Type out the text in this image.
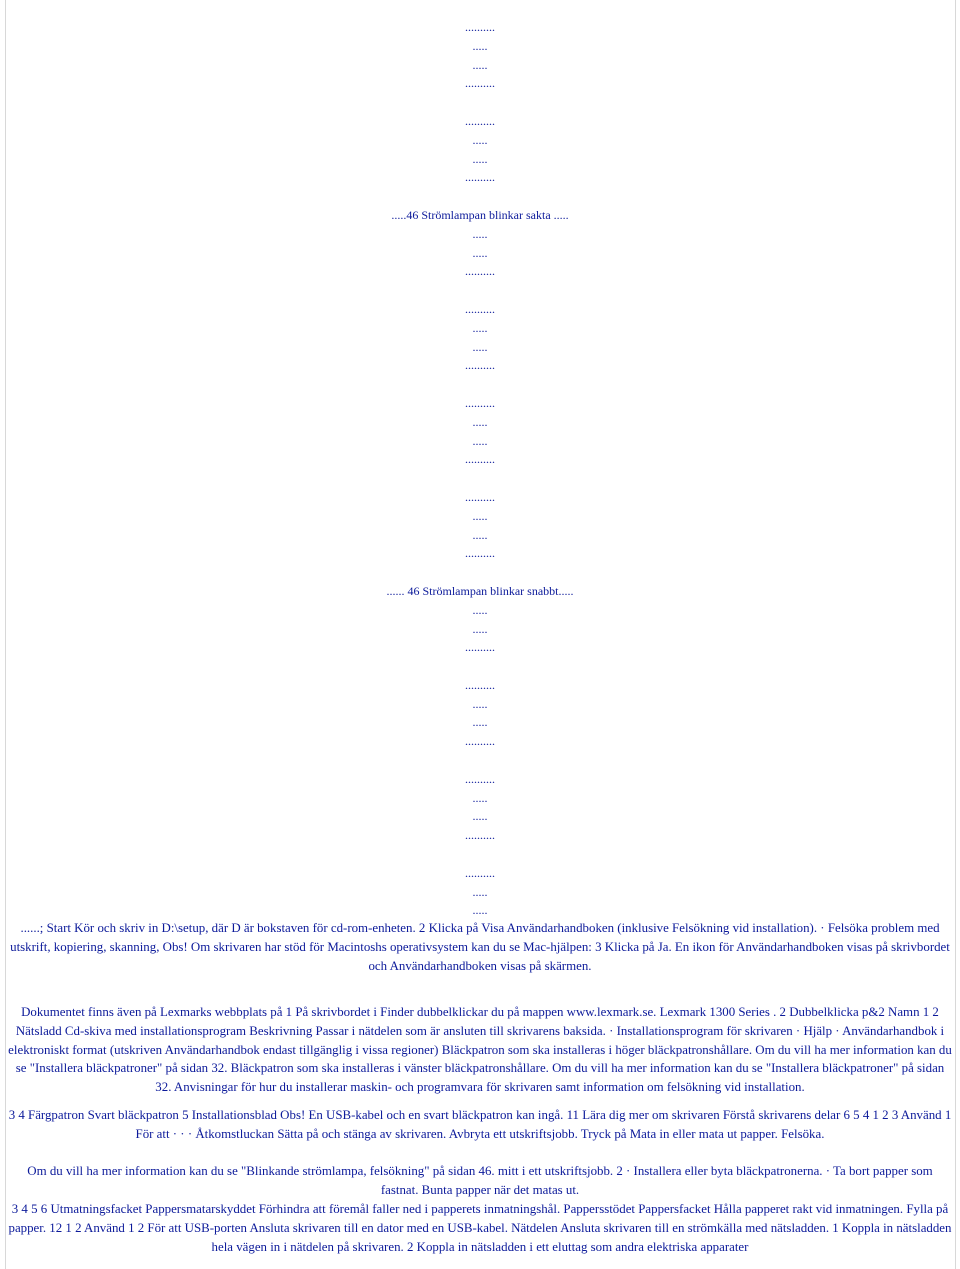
..........
.....
.....
..........
..........
.....
.....
..........
.....46 Strömlampan blinkar sakta .....
.....
.....
..........
..........
.....
.....
..........
..........
.....
.....
..........
..........
.....
.....
..........
...... 46 Strömlampan blinkar snabbt.....
.....
.....
..........
..........
.....
.....
..........
..........
.....
.....
..........
..........
.....
.....
......; Start Kör och skriv in D:\setup, där D är bokstaven för cd-rom-enheten. 2 Klicka på Visa Användarhandboken (inklusive Felsökning vid installation). · Felsöka problem med utskrift, kopiering, skanning, Obs! Om skrivaren har stöd för Macintoshs operativsystem kan du se Mac-hjälpen: 3 Klicka på Ja. En ikon för Användarhandboken visas på skrivbordet och Användarhandboken visas på skärmen.
Dokumentet finns även på Lexmarks webbplats på 1 På skrivbordet i Finder dubbelklickar du på mappen www.lexmark.se. Lexmark 1300 Series . 2 Dubbelklicka p&2 Namn 1 2 Nätsladd Cd-skiva med installationsprogram Beskrivning Passar i nätdelen som är ansluten till skrivarens baksida. · Installationsprogram för skrivaren · Hjälp · Användarhandbok i elektroniskt format (utskriven Användarhandbok endast tillgänglig i vissa regioner) Bläckpatron som ska installeras i höger bläckpatronshållare. Om du vill ha mer information kan du se "Installera bläckpatroner" på sidan 32. Bläckpatron som ska installeras i vänster bläckpatronshållare. Om du vill ha mer information kan du se "Installera bläckpatroner" på sidan 32. Anvisningar för hur du installerar maskin- och programvara för skrivaren samt information om felsökning vid installation.
3 4 Färgpatron Svart bläckpatron 5 Installationsblad Obs! En USB-kabel och en svart bläckpatron kan ingå. 11 Lära dig mer om skrivaren Förstå skrivarens delar 6 5 4 1 2 3 Använd 1 För att · · · Åtkomstluckan Sätta på och stänga av skrivaren. Avbryta ett utskriftsjobb. Tryck på Mata in eller mata ut papper. Felsöka.
Om du vill ha mer information kan du se "Blinkande strömlampa, felsökning" på sidan 46. mitt i ett utskriftsjobb. 2 · Installera eller byta bläckpatronerna. · Ta bort papper som fastnat. Bunta papper när det matas ut.
3 4 5 6 Utmatningsfacket Pappersmatarskyddet Förhindra att föremål faller ned i papperets inmatningshål. Pappersstödet Pappersfacket Hålla papperet rakt vid inmatningen. Fylla på papper. 12 1 2 Använd 1 2 För att USB-porten Ansluta skrivaren till en dator med en USB-kabel. Nätdelen Ansluta skrivaren till en strömkälla med nätsladden. 1 Koppla in nätsladden hela vägen in i nätdelen på skrivaren. 2 Koppla in nätsladden i ett eluttag som andra elektriska apparater
